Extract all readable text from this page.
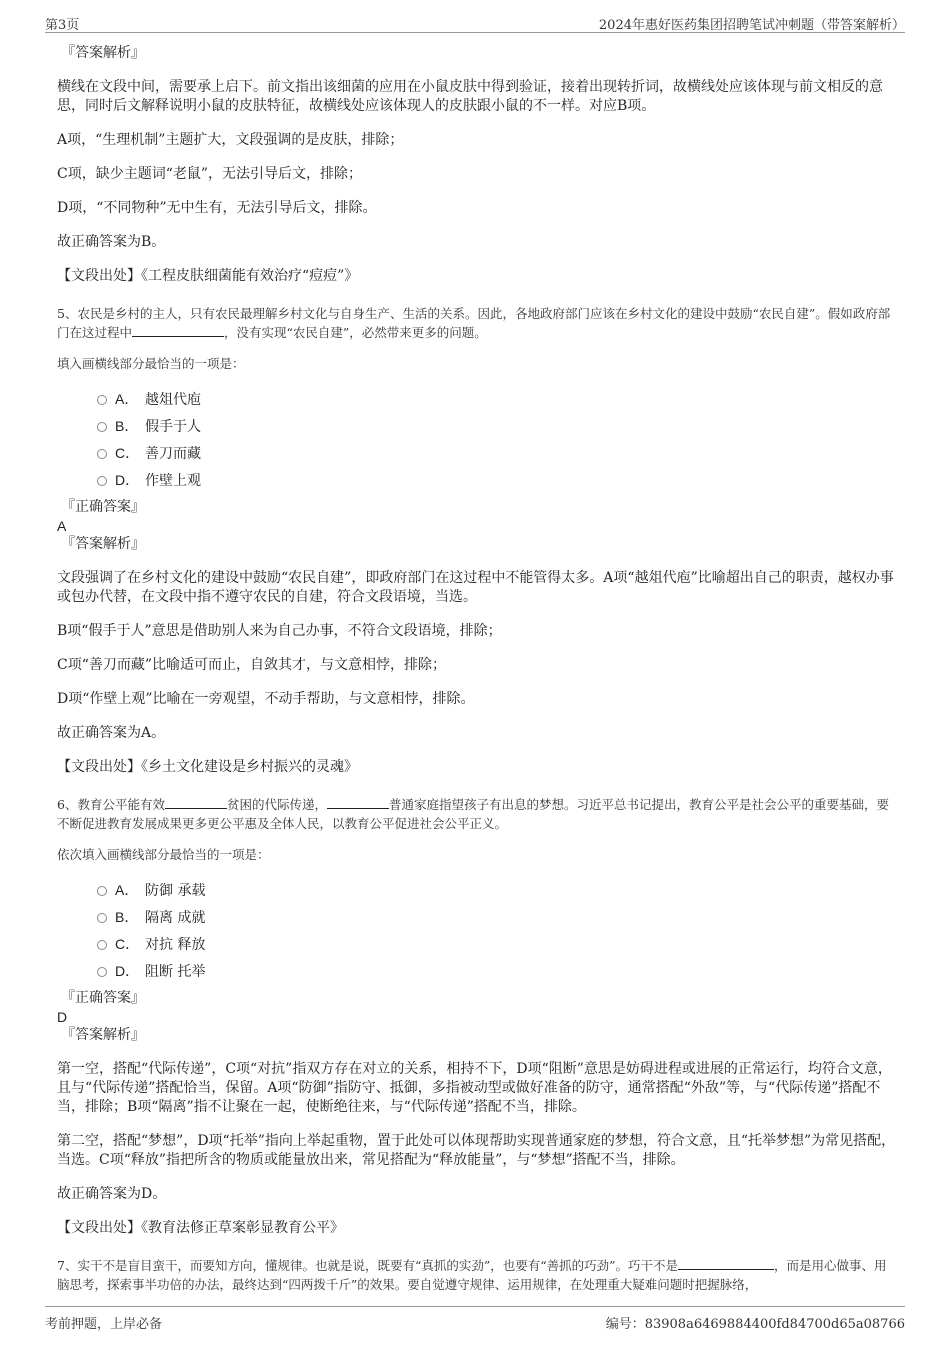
第3页	2024年惠好医药集团招聘笔试冲刺题（带答案解析）
『答案解析』

横线在文段中间，需要承上启下。前文指出该细菌的应用在小鼠皮肤中得到验证，接着出现转折词，故横线处应该体现与前文相反的意思，同时后文解释说明小鼠的皮肤特征，故横线处应该体现人的皮肤跟小鼠的不一样。对应B项。

A项，“生理机制”主题扩大，文段强调的是皮肤，排除；

C项，缺少主题词“老鼠”，无法引导后文，排除；

D项，“不同物种”无中生有，无法引导后文，排除。

故正确答案为B。

【文段出处】《工程皮肤细菌能有效治疗“痘痘”》

5、农民是乡村的主人，只有农民最理解乡村文化与自身生产、生活的关系。因此，各地政府部门应该在乡村文化的建设中鼓励“农民自建”。假如政府部门在这过程中	，没有实现“农民自建”，必然带来更多的问题。

填入画横线部分最恰当的一项是：

A． 越俎代庖
B． 假手于人
C． 善刀而藏
D． 作壁上观
『正确答案』
A
『答案解析』

文段强调了在乡村文化的建设中鼓励“农民自建”，即政府部门在这过程中不能管得太多。A项“越俎代庖”比喻超出自己的职责，越权办事或包办代替，在文段中指不遵守农民的自建，符合文段语境，当选。

B项“假手于人”意思是借助别人来为自己办事，不符合文段语境，排除；

C项“善刀而藏”比喻适可而止，自敛其才，与文意相悖，排除；

D项“作壁上观”比喻在一旁观望，不动手帮助，与文意相悖，排除。

故正确答案为A。

【文段出处】《乡土文化建设是乡村振兴的灵魂》

6、教育公平能有效	贫困的代际传递，	普通家庭指望孩子有出息的梦想。习近平总书记提出，教育公平是社会公平的重要基础，要不断促进教育发展成果更多更公平惠及全体人民，以教育公平促进社会公平正义。

依次填入画横线部分最恰当的一项是：

A． 防御 承载
B． 隔离 成就
C． 对抗 释放
D． 阻断 托举
『正确答案』
D
『答案解析』

第一空，搭配“代际传递”，C项“对抗”指双方存在对立的关系，相持不下，D项“阻断”意思是妨碍进程或进展的正常运行，均符合文意，且与“代际传递”搭配恰当，保留。A项“防御”指防守、抵御，多指被动型或做好准备的防守，通常搭配“外敌”等，与“代际传递”搭配不当，排除；B项“隔离”指不让聚在一起，使断绝往来，与“代际传递”搭配不当，排除。

第二空，搭配“梦想”，D项“托举”指向上举起重物，置于此处可以体现帮助实现普通家庭的梦想，符合文意，且“托举梦想”为常见搭配，当选。C项“释放”指把所含的物质或能量放出来，常见搭配为“释放能量”，与“梦想”搭配不当，排除。

故正确答案为D。

【文段出处】《教育法修正草案彰显教育公平》

7、实干不是盲目蛮干，而要知方向，懂规律。也就是说，既要有“真抓的实劲”，也要有“善抓的巧劲”。巧干不是	，而是用心做事、用脑思考，探索事半功倍的办法，最终达到“四两拨千斤”的效果。要自觉遵守规律、运用规律，在处理重大疑难问题时把握脉络，

考前押题，上岸必备	编号：83908a6469884400fd84700d65a08766
